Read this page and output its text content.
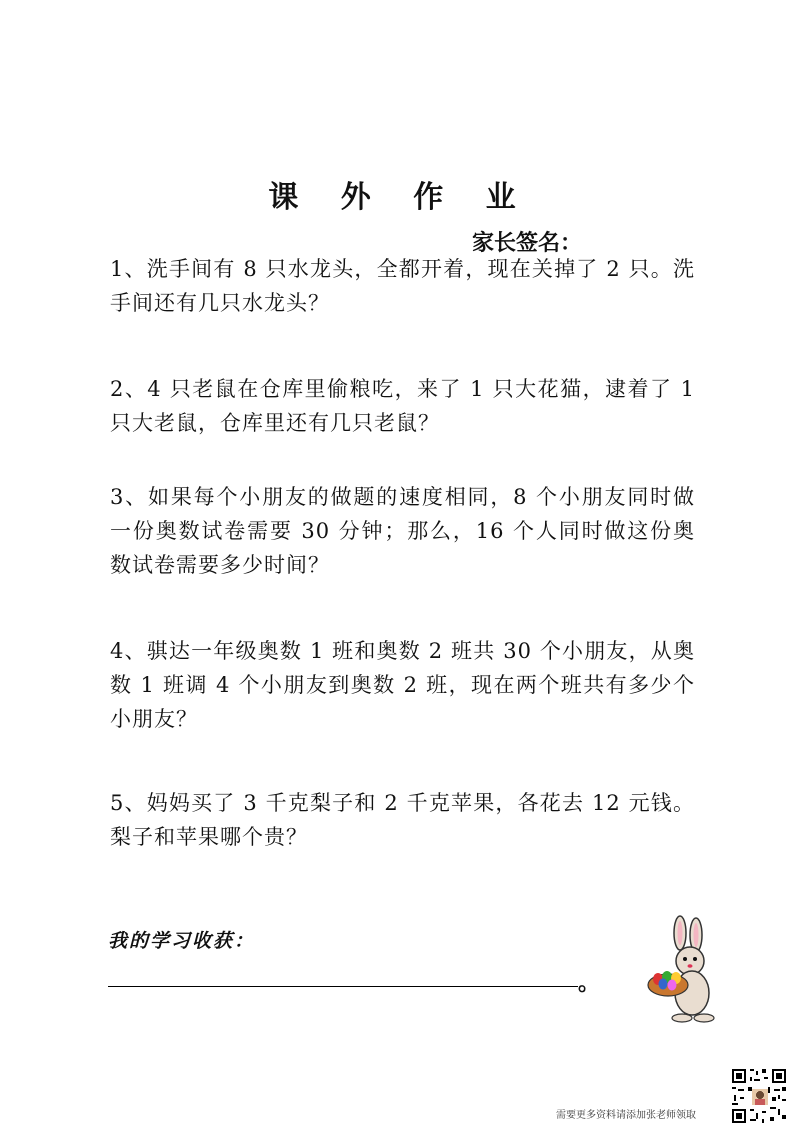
课 外 作 业
家长签名：
1、洗手间有 8 只水龙头，全都开着，现在关掉了 2 只。洗手间还有几只水龙头？
2、4 只老鼠在仓库里偷粮吃，来了 1 只大花猫，逮着了 1 只大老鼠，仓库里还有几只老鼠？
3、如果每个小朋友的做题的速度相同，8 个小朋友同时做一份奥数试卷需要 30 分钟；那么，16 个人同时做这份奥数试卷需要多少时间？
4、骐达一年级奥数 1 班和奥数 2 班共 30 个小朋友，从奥数 1 班调 4 个小朋友到奥数 2 班，现在两个班共有多少个小朋友？
5、妈妈买了 3 千克梨子和 2 千克苹果，各花去 12 元钱。梨子和苹果哪个贵？
我的学习收获：
。
需要更多资料请添加张老师领取
